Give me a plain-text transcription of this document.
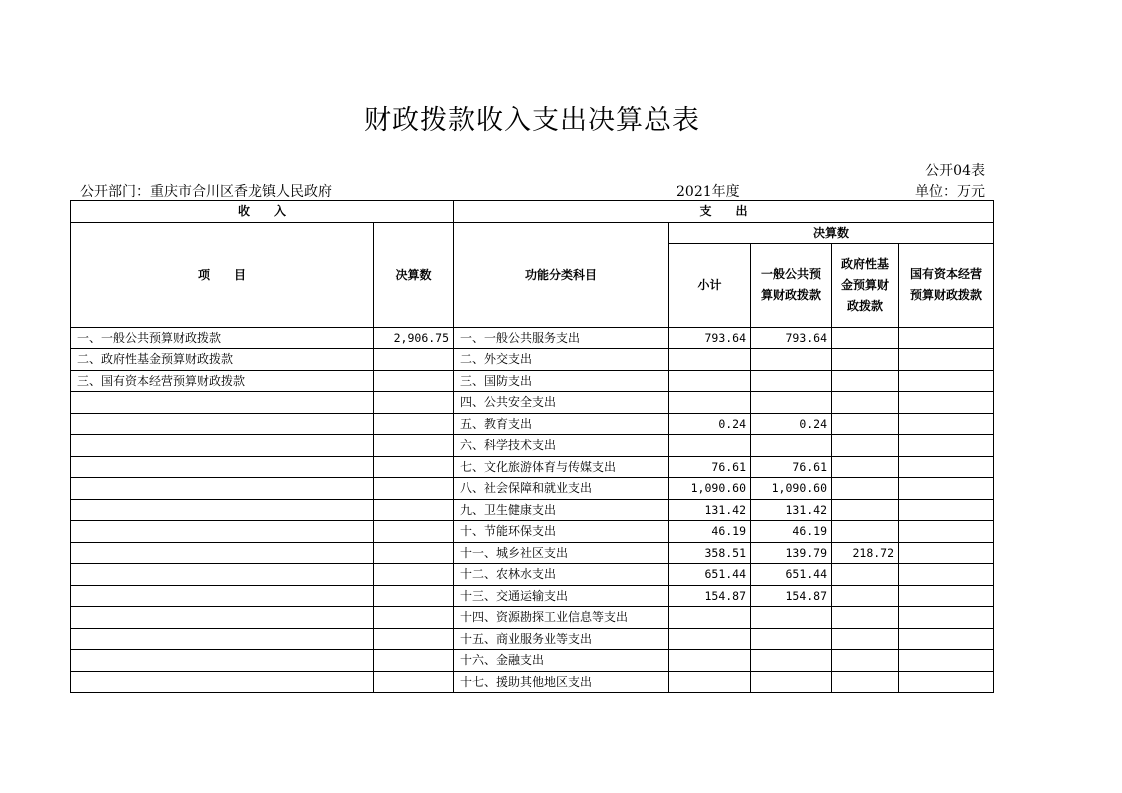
财政拨款收入支出决算总表
公开04表
公开部门：重庆市合川区香龙镇人民政府	2021年度	单位：万元
收　　入		支　　出				
项　　目	决算数	功能分类科目	决算数			
			小计	一般公共预算财政拨款	政府性基金预算财政拨款	国有资本经营预算财政拨款
一、一般公共预算财政拨款	2,906.75	一、一般公共服务支出	793.64	793.64		
二、政府性基金预算财政拨款		二、外交支出				
三、国有资本经营预算财政拨款		三、国防支出				
		四、公共安全支出				
		五、教育支出	0.24	0.24		
		六、科学技术支出				
		七、文化旅游体育与传媒支出	76.61	76.61		
		八、社会保障和就业支出	1,090.60	1,090.60		
		九、卫生健康支出	131.42	131.42		
		十、节能环保支出	46.19	46.19		
		十一、城乡社区支出	358.51	139.79	218.72	
		十二、农林水支出	651.44	651.44		
		十三、交通运输支出	154.87	154.87		
		十四、资源勘探工业信息等支出				
		十五、商业服务业等支出				
		十六、金融支出				
		十七、援助其他地区支出				
